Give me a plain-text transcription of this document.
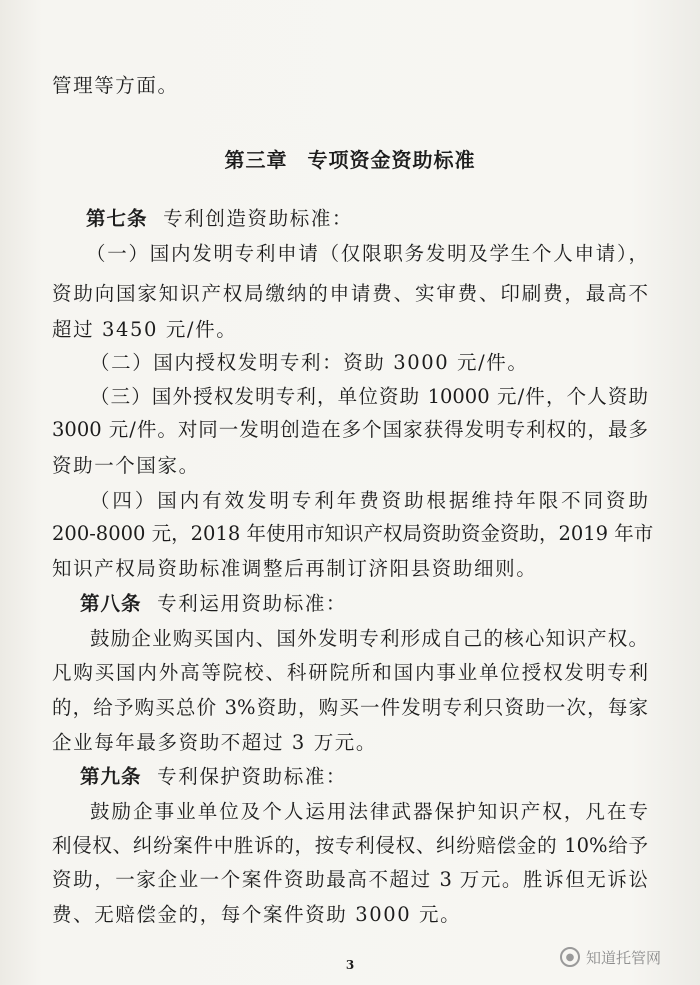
管理等方面。
第三章 专项资金资助标准
第七条 专利创造资助标准：
（一）国内发明专利申请（仅限职务发明及学生个人申请），
资助向国家知识产权局缴纳的申请费、实审费、印刷费，最高不
超过 3450 元/件。
（二）国内授权发明专利：资助 3000 元/件。
（三）国外授权发明专利，单位资助 10000 元/件，个人资助
3000 元/件。对同一发明创造在多个国家获得发明专利权的，最多
资助一个国家。
（四）国内有效发明专利年费资助根据维持年限不同资助
200-8000 元，2018 年使用市知识产权局资助资金资助，2019 年市
知识产权局资助标准调整后再制订济阳县资助细则。
第八条 专利运用资助标准：
鼓励企业购买国内、国外发明专利形成自己的核心知识产权。
凡购买国内外高等院校、科研院所和国内事业单位授权发明专利
的，给予购买总价 3%资助，购买一件发明专利只资助一次，每家
企业每年最多资助不超过 3 万元。
第九条 专利保护资助标准：
鼓励企事业单位及个人运用法律武器保护知识产权，凡在专
利侵权、纠纷案件中胜诉的，按专利侵权、纠纷赔偿金的 10%给予
资助，一家企业一个案件资助最高不超过 3 万元。胜诉但无诉讼
费、无赔偿金的，每个案件资助 3000 元。
3
● 知道托管网
